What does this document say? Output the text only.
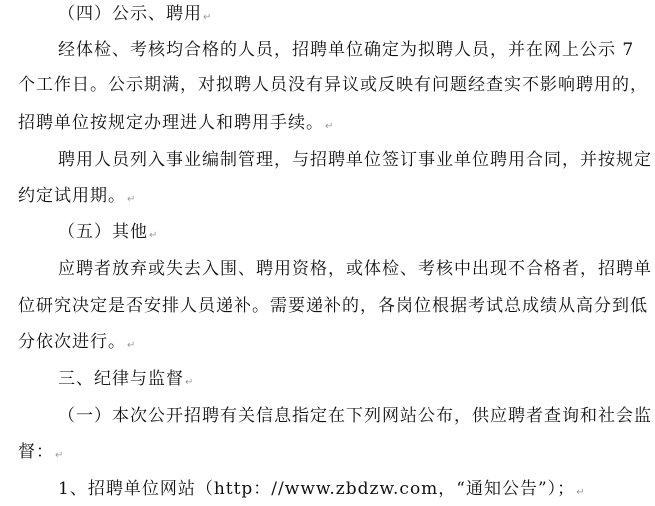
（四）公示、聘用↵
经体检、考核均合格的人员，招聘单位确定为拟聘人员，并在网上公示 7
个工作日。公示期满，对拟聘人员没有异议或反映有问题经查实不影响聘用的，
招聘单位按规定办理进人和聘用手续。↵
聘用人员列入事业编制管理，与招聘单位签订事业单位聘用合同，并按规定
约定试用期。↵
（五）其他↵
应聘者放弃或失去入围、聘用资格，或体检、考核中出现不合格者，招聘单
位研究决定是否安排人员递补。需要递补的，各岗位根据考试总成绩从高分到低
分依次进行。↵
三、纪律与监督↵
（一）本次公开招聘有关信息指定在下列网站公布，供应聘者查询和社会监
督：↵
1、招聘单位网站（http：//www.zbdzw.com，“通知公告”）；↵
